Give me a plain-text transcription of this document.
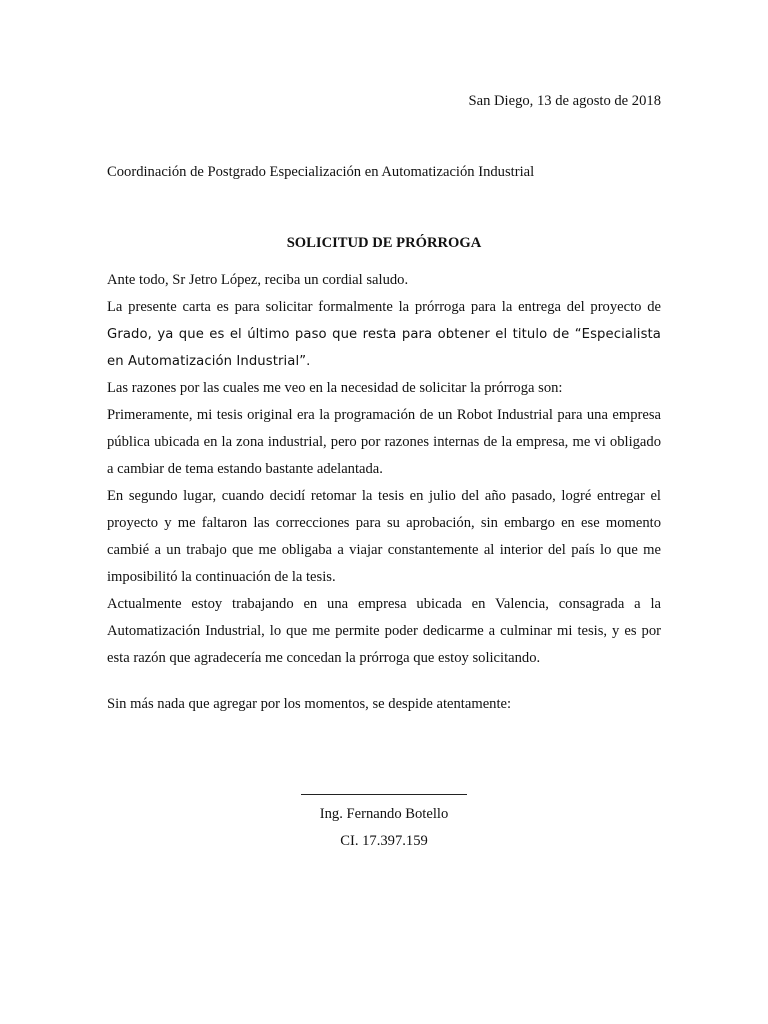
San Diego, 13 de agosto de 2018
Coordinación de Postgrado Especialización en Automatización Industrial
SOLICITUD DE PRÓRROGA

Ante todo, Sr Jetro López, reciba un cordial saludo.

La presente carta es para solicitar formalmente la prórroga para la entrega del proyecto de Grado, ya que es el último paso que resta para obtener el titulo de “Especialista en Automatización Industrial”.

Las razones por las cuales me veo en la necesidad de solicitar la prórroga son:

Primeramente, mi tesis original era la programación de un Robot Industrial para una empresa pública ubicada en la zona industrial, pero por razones internas de la empresa, me vi obligado a cambiar de tema estando bastante adelantada.

En segundo lugar, cuando decidí retomar la tesis en julio del año pasado, logré entregar el proyecto y me faltaron las correcciones para su aprobación, sin embargo en ese momento cambié a un trabajo que me obligaba a viajar constantemente al interior del país lo que me imposibilitó la continuación de la tesis.

Actualmente estoy trabajando en una empresa ubicada en Valencia, consagrada a la Automatización Industrial, lo que me permite poder dedicarme a culminar mi tesis, y es por esta razón que agradecería me concedan la prórroga que estoy solicitando.

Sin más nada que agregar por los momentos, se despide atentamente:
Ing. Fernando Botello
CI. 17.397.159
